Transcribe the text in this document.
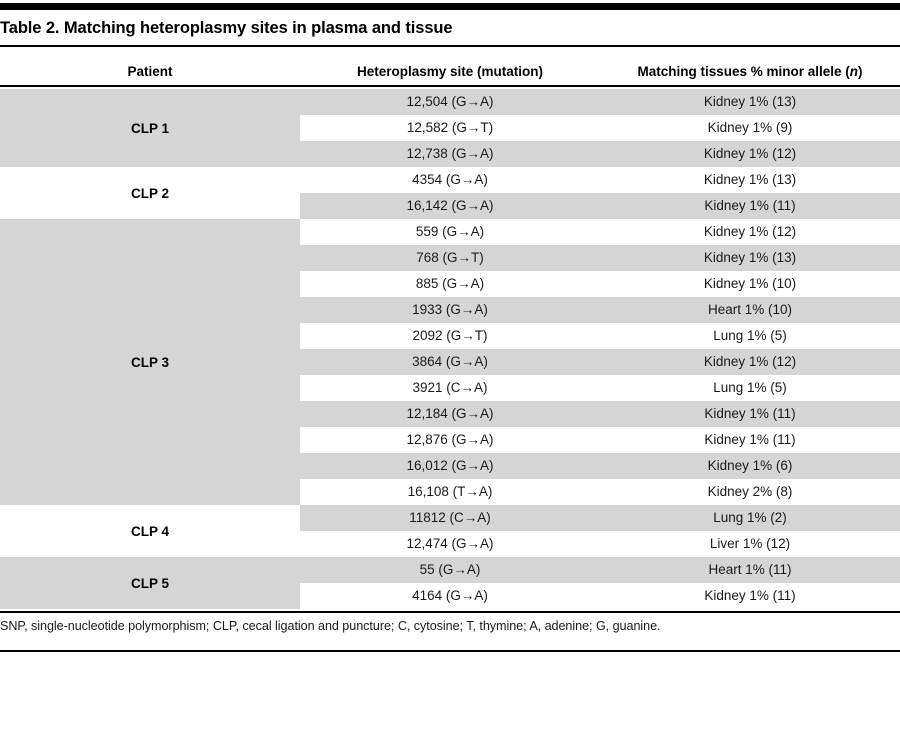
Table 2. Matching heteroplasmy sites in plasma and tissue
Patient	Heteroplasmy site (mutation)	Matching tissues % minor allele (n)
CLP 1
12,504 (G→A)	Kidney 1% (13)
12,582 (G→T)	Kidney 1% (9)
12,738 (G→A)	Kidney 1% (12)
CLP 2
4354 (G→A)	Kidney 1% (13)
16,142 (G→A)	Kidney 1% (11)
CLP 3
559 (G→A)	Kidney 1% (12)
768 (G→T)	Kidney 1% (13)
885 (G→A)	Kidney 1% (10)
1933 (G→A)	Heart 1% (10)
2092 (G→T)	Lung 1% (5)
3864 (G→A)	Kidney 1% (12)
3921 (C→A)	Lung 1% (5)
12,184 (G→A)	Kidney 1% (11)
12,876 (G→A)	Kidney 1% (11)
16,012 (G→A)	Kidney 1% (6)
16,108 (T→A)	Kidney 2% (8)
CLP 4
11812 (C→A)	Lung 1% (2)
12,474 (G→A)	Liver 1% (12)
CLP 5
55 (G→A)	Heart 1% (11)
4164 (G→A)	Kidney 1% (11)
SNP, single-nucleotide polymorphism; CLP, cecal ligation and puncture; C, cytosine; T, thymine; A, adenine; G, guanine.
